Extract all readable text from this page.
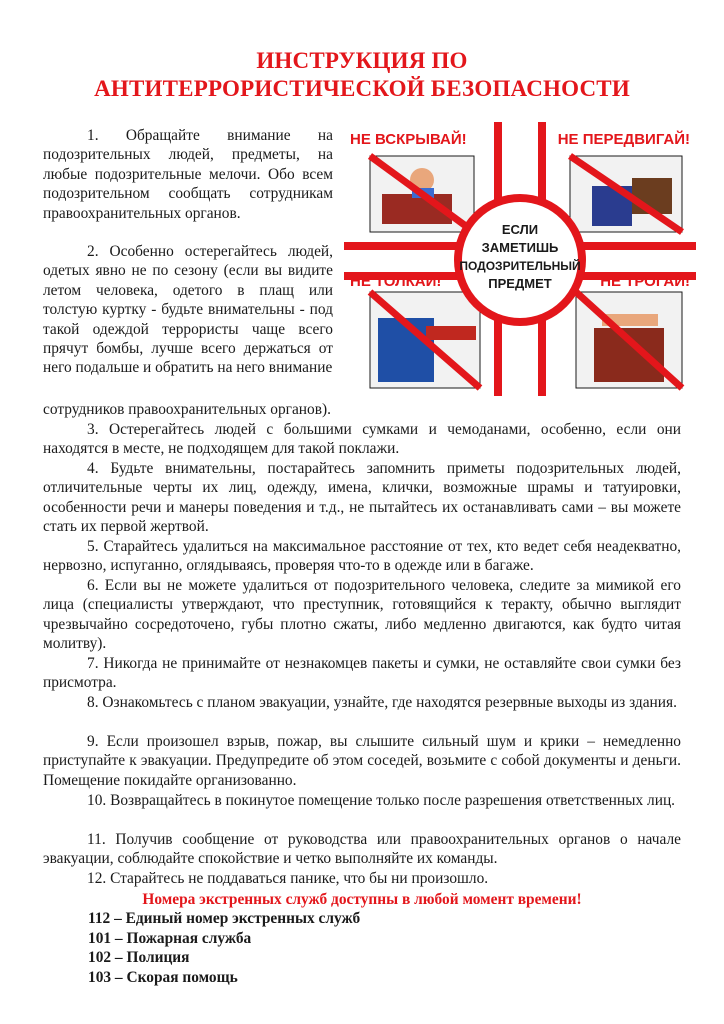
ИНСТРУКЦИЯ ПО
АНТИТЕРРОРИСТИЧЕСКОЙ БЕЗОПАСНОСТИ

1. Обращайте внимание на подозрительных людей, предметы, на любые подозрительные мелочи. Обо всем подозрительном сообщать сотрудникам правоохранительных органов.

2. Особенно остерегайтесь людей, одетых явно не по сезону (если вы видите летом человека, одетого в плащ или толстую куртку - будьте внимательны - под такой одеждой террористы чаще всего прячут бомбы, лучше всего держаться от него подальше и обратить на него внимание

сотрудников правоохранительных органов).

ЕСЛИ
ЗАМЕТИШЬ
ПОДОЗРИТЕЛЬНЫЙ
ПРЕДМЕТ
НЕ ВСКРЫВАЙ!	НЕ ПЕРЕДВИГАЙ!
НЕ ТОЛКАЙ!	НЕ ТРОГАЙ!

3. Остерегайтесь людей с большими сумками и чемоданами, особенно, если они находятся в месте, не подходящем для такой поклажи.

4. Будьте внимательны, постарайтесь запомнить приметы подозрительных людей, отличительные черты их лиц, одежду, имена, клички, возможные шрамы и татуировки, особенности речи и манеры поведения и т.д., не пытайтесь их останавливать сами – вы можете стать их первой жертвой.

5. Старайтесь удалиться на максимальное расстояние от тех, кто ведет себя неадекватно, нервозно, испуганно, оглядываясь, проверяя что-то в одежде или в багаже.

6. Если вы не можете удалиться от подозрительного человека, следите за мимикой его лица (специалисты утверждают, что преступник, готовящийся к теракту, обычно выглядит чрезвычайно сосредоточено, губы плотно сжаты, либо медленно двигаются, как будто читая молитву).

7. Никогда не принимайте от незнакомцев пакеты и сумки, не оставляйте свои сумки без присмотра.

8. Ознакомьтесь с планом эвакуации, узнайте, где находятся резервные выходы из здания.

9. Если произошел взрыв, пожар, вы слышите сильный шум и крики – немедленно приступайте к эвакуации. Предупредите об этом соседей, возьмите с собой документы и деньги. Помещение покидайте организованно.

10. Возвращайтесь в покинутое помещение только после разрешения ответственных лиц.

11. Получив сообщение от руководства или правоохранительных органов о начале эвакуации, соблюдайте спокойствие и четко выполняйте их команды.

12. Старайтесь не поддаваться панике, что бы ни произошло.

Номера экстренных служб доступны в любой момент времени!
112 – Единый номер экстренных служб
101 – Пожарная служба
102 – Полиция
103 – Скорая помощь
